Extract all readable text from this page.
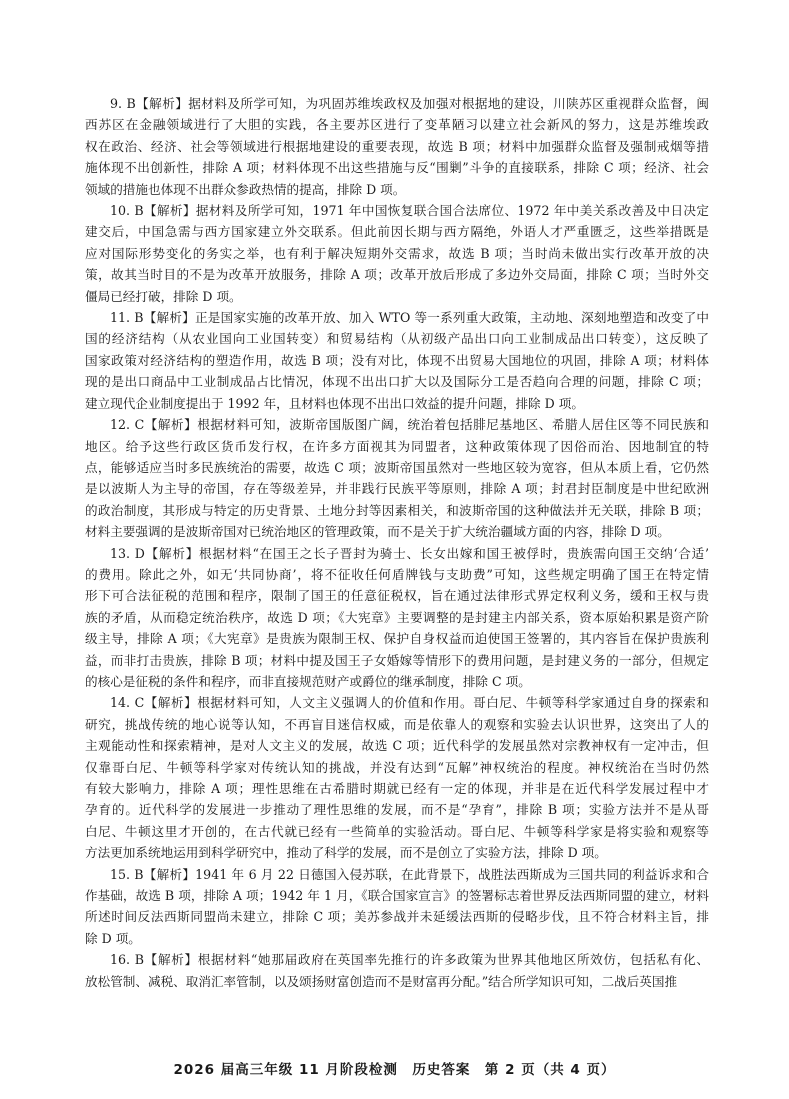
9. B【解析】据材料及所学可知，为巩固苏维埃政权及加强对根据地的建设，川陕苏区重视群众监督，闽
西苏区在金融领域进行了大胆的实践，各主要苏区进行了变革陋习以建立社会新风的努力，这是苏维埃政
权在政治、经济、社会等领域进行根据地建设的重要表现，故选 B 项；材料中加强群众监督及强制戒烟等措
施体现不出创新性，排除 A 项；材料体现不出这些措施与反“围剿”斗争的直接联系，排除 C 项；经济、社会
领域的措施也体现不出群众参政热情的提高，排除 D 项。
10. B【解析】据材料及所学可知，1971 年中国恢复联合国合法席位、1972 年中美关系改善及中日决定
建交后，中国急需与西方国家建立外交联系。但此前因长期与西方隔绝，外语人才严重匮乏，这些举措既是
应对国际形势变化的务实之举，也有利于解决短期外交需求，故选 B 项；当时尚未做出实行改革开放的决
策，故其当时目的不是为改革开放服务，排除 A 项；改革开放后形成了多边外交局面，排除 C 项；当时外交
僵局已经打破，排除 D 项。
11. B【解析】正是国家实施的改革开放、加入 WTO 等一系列重大政策，主动地、深刻地塑造和改变了中
国的经济结构（从农业国向工业国转变）和贸易结构（从初级产品出口向工业制成品出口转变），这反映了
国家政策对经济结构的塑造作用，故选 B 项；没有对比，体现不出贸易大国地位的巩固，排除 A 项；材料体
现的是出口商品中工业制成品占比情况，体现不出出口扩大以及国际分工是否趋向合理的问题，排除 C 项；
建立现代企业制度提出于 1992 年，且材料也体现不出出口效益的提升问题，排除 D 项。
12. C【解析】根据材料可知，波斯帝国版图广阔，统治着包括腓尼基地区、希腊人居住区等不同民族和
地区。给予这些行政区货币发行权，在许多方面视其为同盟者，这种政策体现了因俗而治、因地制宜的特
点，能够适应当时多民族统治的需要，故选 C 项；波斯帝国虽然对一些地区较为宽容，但从本质上看，它仍然
是以波斯人为主导的帝国，存在等级差异，并非践行民族平等原则，排除 A 项；封君封臣制度是中世纪欧洲
的政治制度，其形成与特定的历史背景、土地分封等因素相关，和波斯帝国的这种做法并无关联，排除 B 项；
材料主要强调的是波斯帝国对已统治地区的管理政策，而不是关于扩大统治疆域方面的内容，排除 D 项。
13. D【解析】根据材料“在国王之长子晋封为骑士、长女出嫁和国王被俘时，贵族需向国王交纳‘合适’
的费用。除此之外，如无‘共同协商’，将不征收任何盾牌钱与支助费”可知，这些规定明确了国王在特定情
形下可合法征税的范围和程序，限制了国王的任意征税权，旨在通过法律形式界定权利义务，缓和王权与贵
族的矛盾，从而稳定统治秩序，故选 D 项；《大宪章》主要调整的是封建主内部关系，资本原始积累是资产阶
级主导，排除 A 项；《大宪章》是贵族为限制王权、保护自身权益而迫使国王签署的，其内容旨在保护贵族利
益，而非打击贵族，排除 B 项；材料中提及国王子女婚嫁等情形下的费用问题，是封建义务的一部分，但规定
的核心是征税的条件和程序，而非直接规范财产或爵位的继承制度，排除 C 项。
14. C【解析】根据材料可知，人文主义强调人的价值和作用。哥白尼、牛顿等科学家通过自身的探索和
研究，挑战传统的地心说等认知，不再盲目迷信权威，而是依靠人的观察和实验去认识世界，这突出了人的
主观能动性和探索精神，是对人文主义的发展，故选 C 项；近代科学的发展虽然对宗教神权有一定冲击，但
仅靠哥白尼、牛顿等科学家对传统认知的挑战，并没有达到“瓦解”神权统治的程度。神权统治在当时仍然
有较大影响力，排除 A 项；理性思维在古希腊时期就已经有一定的体现，并非是在近代科学发展过程中才
孕育的。近代科学的发展进一步推动了理性思维的发展，而不是“孕育”，排除 B 项；实验方法并不是从哥
白尼、牛顿这里才开创的，在古代就已经有一些简单的实验活动。哥白尼、牛顿等科学家是将实验和观察等
方法更加系统地运用到科学研究中，推动了科学的发展，而不是创立了实验方法，排除 D 项。
15. B【解析】1941 年 6 月 22 日德国入侵苏联，在此背景下，战胜法西斯成为三国共同的利益诉求和合
作基础，故选 B 项，排除 A 项；1942 年 1 月，《联合国家宣言》的签署标志着世界反法西斯同盟的建立，材料
所述时间反法西斯同盟尚未建立，排除 C 项；美苏参战并未延缓法西斯的侵略步伐，且不符合材料主旨，排
除 D 项。
16. B【解析】根据材料“她那届政府在英国率先推行的许多政策为世界其他地区所效仿，包括私有化、
放松管制、减税、取消汇率管制，以及颂扬财富创造而不是财富再分配。”结合所学知识可知，二战后英国推
2026 届高三年级 11 月阶段检测　历史答案　第 2 页（共 4 页）
